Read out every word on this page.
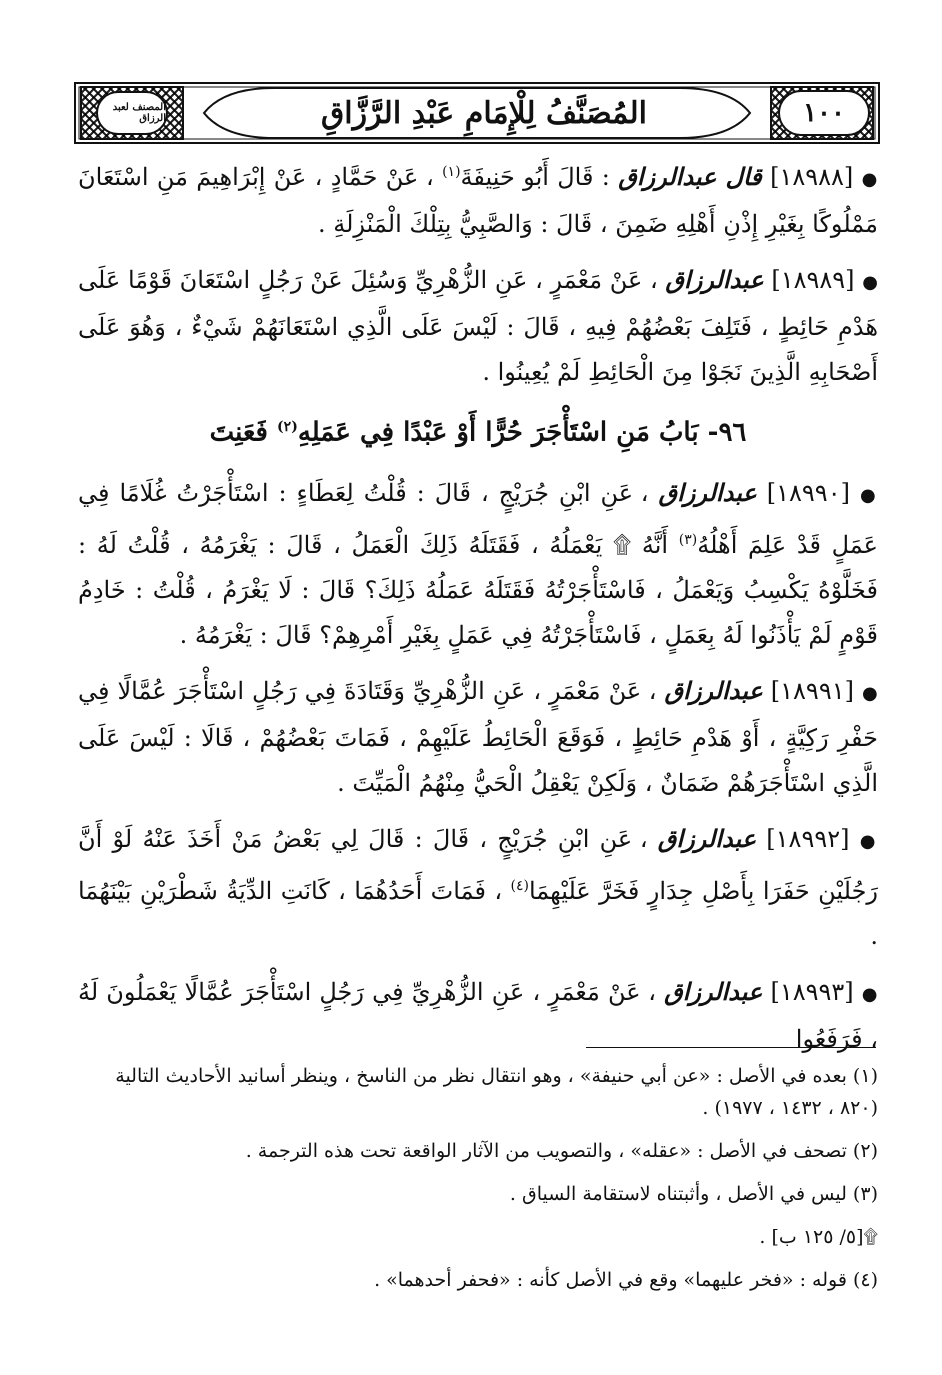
المصنف لعبد الرزاق	١٠٠
المُصَنَّفُ لِلْإِمَامِ عَبْدِ الرَّزَّاقِ

● [١٨٩٨٨] قال عبدالرزاق : قَالَ أَبُو حَنِيفَةَ$^{(١)}$ ، عَنْ حَمَّادٍ ، عَنْ إِبْرَاهِيمَ مَنِ اسْتَعَانَ مَمْلُوكًا بِغَيْرِ إِذْنِ أَهْلِهِ ضَمِنَ ، قَالَ : وَالصَّبِيُّ بِتِلْكَ الْمَنْزِلَةِ .

● [١٨٩٨٩] عبدالرزاق ، عَنْ مَعْمَرٍ ، عَنِ الزُّهْرِيِّ وَسُئِلَ عَنْ رَجُلٍ اسْتَعَانَ قَوْمًا عَلَى هَدْمِ حَائِطٍ ، فَتَلِفَ بَعْضُهُمْ فِيهِ ، قَالَ : لَيْسَ عَلَى الَّذِي اسْتَعَانَهُمْ شَيْءٌ ، وَهُوَ عَلَى أَصْحَابِهِ الَّذِينَ نَجَوْا مِنَ الْحَائِطِ لَمْ يُعِينُوا .

٩٦- بَابُ مَنِ اسْتَأْجَرَ حُرًّا أَوْ عَبْدًا فِي عَمَلِهِ$^{(٢)}$ فَعَنِتَ

● [١٨٩٩٠] عبدالرزاق ، عَنِ ابْنِ جُرَيْجٍ ، قَالَ : قُلْتُ لِعَطَاءٍ : اسْتَأْجَرْتُ غُلَامًا فِي عَمَلٍ قَدْ عَلِمَ أَهْلُهُ$^{(٣)}$ أَنَّهُ ۩ يَعْمَلُهُ ، فَقَتَلَهُ ذَلِكَ الْعَمَلُ ، قَالَ : يَغْرَمُهُ ، قُلْتُ لَهُ : فَخَلَّوْهُ يَكْسِبُ وَيَعْمَلُ ، فَاسْتَأْجَرْتُهُ فَقَتَلَهُ عَمَلُهُ ذَلِكَ؟ قَالَ : لَا يَغْرَمُ ، قُلْتُ : خَادِمُ قَوْمٍ لَمْ يَأْذَنُوا لَهُ بِعَمَلٍ ، فَاسْتَأْجَرْتُهُ فِي عَمَلٍ بِغَيْرِ أَمْرِهِمْ؟ قَالَ : يَغْرَمُهُ .

● [١٨٩٩١] عبدالرزاق ، عَنْ مَعْمَرٍ ، عَنِ الزُّهْرِيِّ وَقَتَادَةَ فِي رَجُلٍ اسْتَأْجَرَ عُمَّالًا فِي حَفْرِ رَكِيَّةٍ ، أَوْ هَدْمِ حَائِطٍ ، فَوَقَعَ الْحَائِطُ عَلَيْهِمْ ، فَمَاتَ بَعْضُهُمْ ، قَالَا : لَيْسَ عَلَى الَّذِي اسْتَأْجَرَهُمْ ضَمَانٌ ، وَلَكِنْ يَعْقِلُ الْحَيُّ مِنْهُمُ الْمَيِّتَ .

● [١٨٩٩٢] عبدالرزاق ، عَنِ ابْنِ جُرَيْجٍ ، قَالَ : قَالَ لِي بَعْضُ مَنْ أَخَذَ عَنْهُ لَوْ أَنَّ رَجُلَيْنِ حَفَرَا بِأَصْلِ جِدَارٍ فَخَرَّ عَلَيْهِمَا$^{(٤)}$ ، فَمَاتَ أَحَدُهُمَا ، كَانَتِ الدِّيَةُ شَطْرَيْنِ بَيْنَهُمَا .

● [١٨٩٩٣] عبدالرزاق ، عَنْ مَعْمَرٍ ، عَنِ الزُّهْرِيِّ فِي رَجُلٍ اسْتَأْجَرَ عُمَّالًا يَعْمَلُونَ لَهُ ، فَرَفَعُوا

(١) بعده في الأصل : «عن أبي حنيفة» ، وهو انتقال نظر من الناسخ ، وينظر أسانيد الأحاديث التالية (٨٢٠ ، ١٤٣٢ ، ١٩٧٧) .

(٢) تصحف في الأصل : «عقله» ، والتصويب من الآثار الواقعة تحت هذه الترجمة .

(٣) ليس في الأصل ، وأثبتناه لاستقامة السياق .

۩[٥/ ١٢٥ ب] .

(٤) قوله : «فخر عليهما» وقع في الأصل كأنه : «فحفر أحدهما» .
